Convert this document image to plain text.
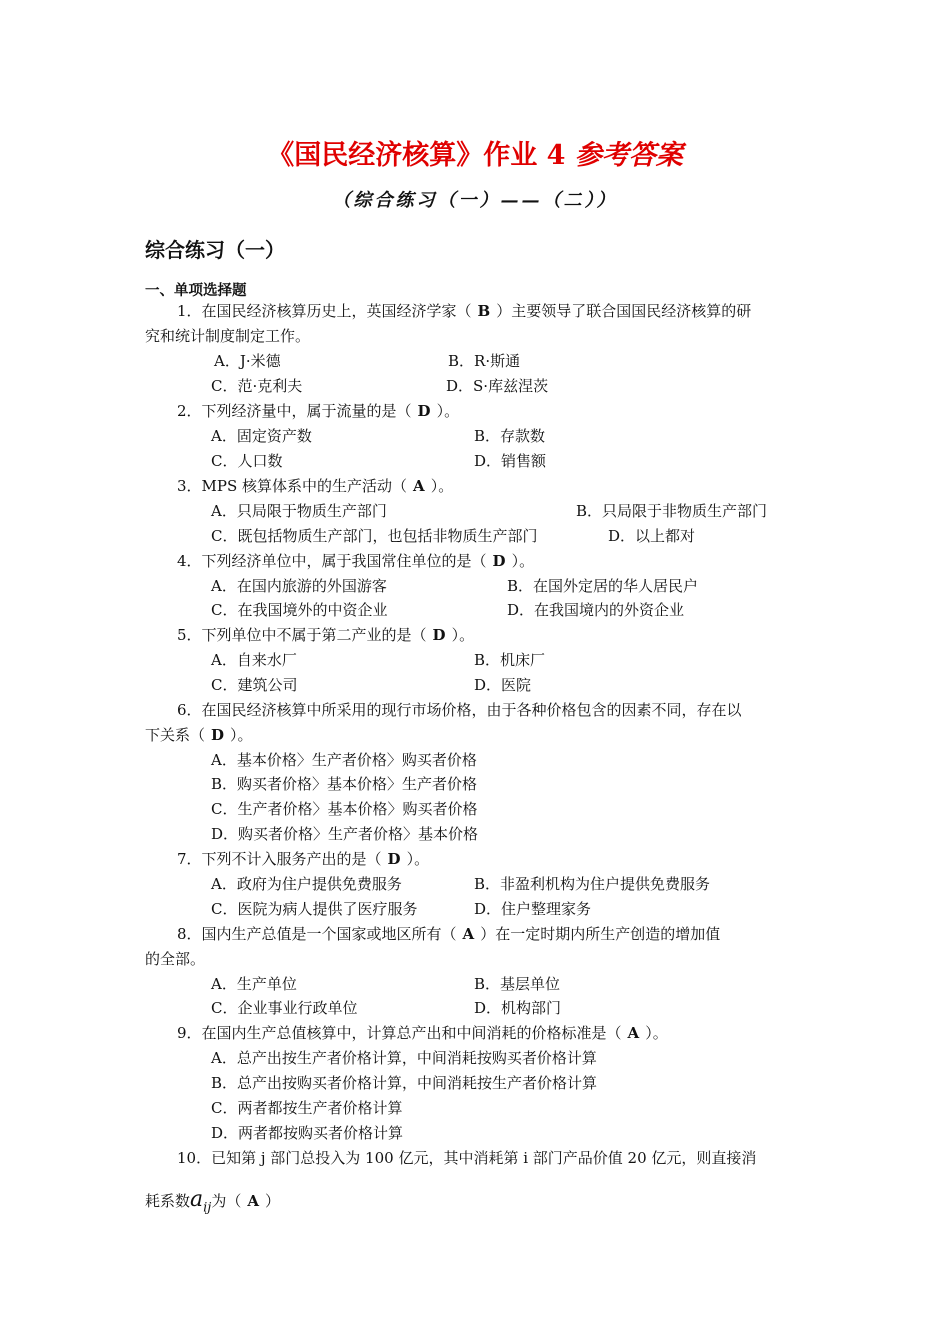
《国民经济核算》作业 4 参考答案
（综合练习（一）——（二））
综合练习（一）
一、单项选择题
1．在国民经济核算历史上，英国经济学家（ B ）主要领导了联合国国民经济核算的研
究和统计制度制定工作。
A．J·米德	B．R·斯通
C．范·克利夫	D．S·库兹涅茨
2．下列经济量中，属于流量的是（ D ）。
A．固定资产数	B．存款数
C．人口数	D．销售额
3．MPS 核算体系中的生产活动（ A ）。
A．只局限于物质生产部门	B．只局限于非物质生产部门
C．既包括物质生产部门，也包括非物质生产部门	D．以上都对
4．下列经济单位中，属于我国常住单位的是（ D ）。
A．在国内旅游的外国游客	B．在国外定居的华人居民户
C．在我国境外的中资企业	D．在我国境内的外资企业
5．下列单位中不属于第二产业的是（ D ）。
A．自来水厂	B．机床厂
C．建筑公司	D．医院
6．在国民经济核算中所采用的现行市场价格，由于各种价格包含的因素不同，存在以
下关系（ D ）。
A．基本价格〉生产者价格〉购买者价格
B．购买者价格〉基本价格〉生产者价格
C．生产者价格〉基本价格〉购买者价格
D．购买者价格〉生产者价格〉基本价格
7．下列不计入服务产出的是（ D ）。
A．政府为住户提供免费服务	B．非盈利机构为住户提供免费服务
C．医院为病人提供了医疗服务	D．住户整理家务
8．国内生产总值是一个国家或地区所有（ A ）在一定时期内所生产创造的增加值
的全部。
A．生产单位	B．基层单位
C．企业事业行政单位	D．机构部门
9．在国内生产总值核算中，计算总产出和中间消耗的价格标准是（ A ）。
A．总产出按生产者价格计算，中间消耗按购买者价格计算
B．总产出按购买者价格计算，中间消耗按生产者价格计算
C．两者都按生产者价格计算
D．两者都按购买者价格计算
10．已知第 j 部门总投入为 100 亿元，其中消耗第 i 部门产品价值 20 亿元，则直接消
耗系数$a_{ij}$为（ A ）
